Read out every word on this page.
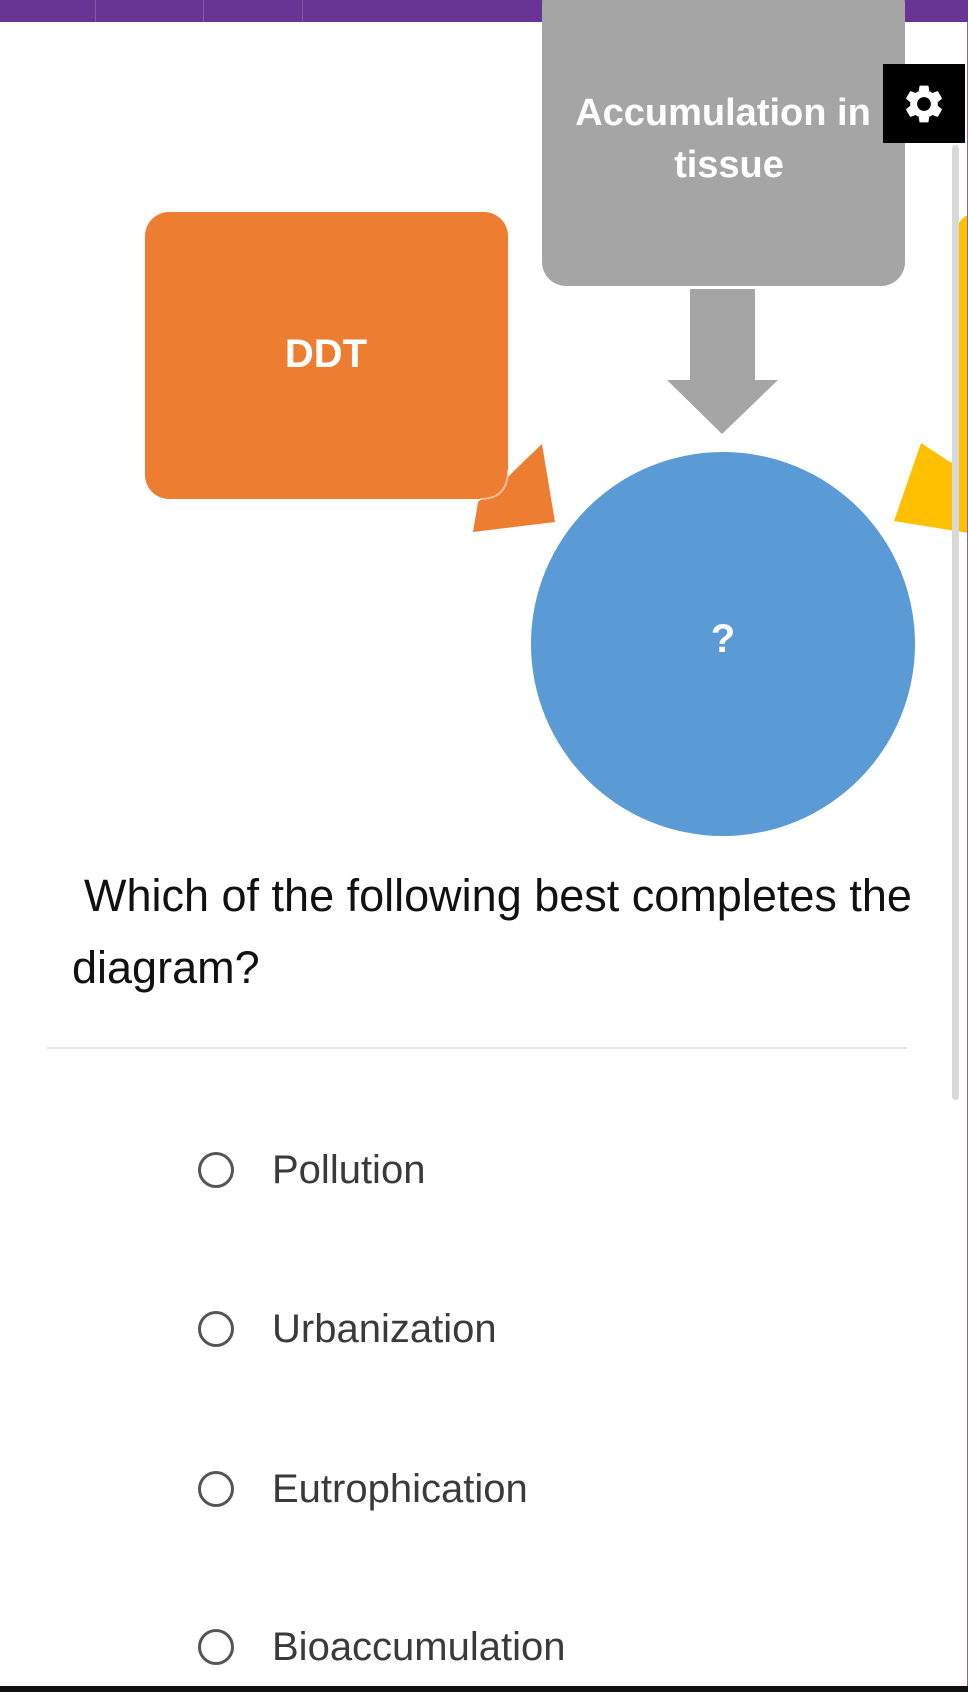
Accumulation in
tissue
DDT
?
Which of the following best completes the diagram?
Pollution
Urbanization
Eutrophication
Bioaccumulation
